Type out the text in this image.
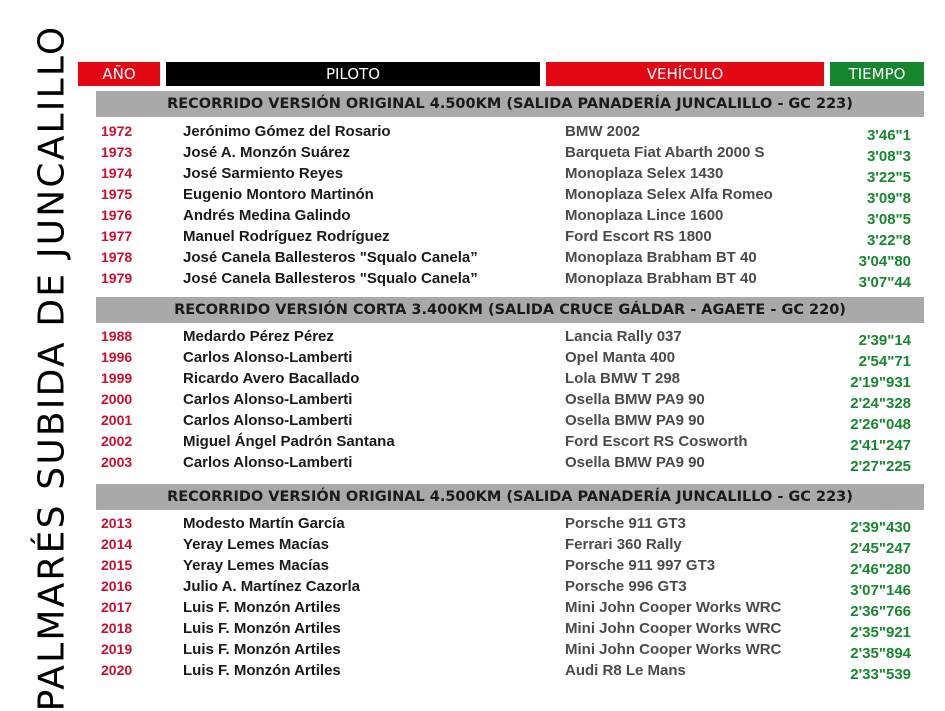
PALMARÉS SUBIDA DE JUNCALILLO	AÑO	PILOTO	VEHÍCULO	TIEMPO
RECORRIDO VERSIÓN ORIGINAL 4.500KM (SALIDA PANADERÍA JUNCALILLO - GC 223)
1972	Jerónimo Gómez del Rosario	BMW 2002	3'46"1
1973	José A. Monzón Suárez	Barqueta Fiat Abarth 2000 S	3'08"3
1974	José Sarmiento Reyes	Monoplaza Selex 1430	3'22"5
1975	Eugenio Montoro Martinón	Monoplaza Selex Alfa Romeo	3'09"8
1976	Andrés Medina Galindo	Monoplaza Lince 1600	3'08"5
1977	Manuel Rodríguez Rodríguez	Ford Escort RS 1800	3'22"8
1978	José Canela Ballesteros "Squalo Canela”	Monoplaza Brabham BT 40	3'04"80
1979	José Canela Ballesteros "Squalo Canela”	Monoplaza Brabham BT 40	3'07"44
RECORRIDO VERSIÓN CORTA 3.400KM (SALIDA CRUCE GÁLDAR - AGAETE - GC 220)
1988	Medardo Pérez Pérez	Lancia Rally 037	2'39"14
1996	Carlos Alonso-Lamberti	Opel Manta 400	2'54"71
1999	Ricardo Avero Bacallado	Lola BMW T 298	2'19"931
2000	Carlos Alonso-Lamberti	Osella BMW PA9 90	2'24"328
2001	Carlos Alonso-Lamberti	Osella BMW PA9 90	2'26"048
2002	Miguel Ángel Padrón Santana	Ford Escort RS Cosworth	2'41"247
2003	Carlos Alonso-Lamberti	Osella BMW PA9 90	2'27"225
RECORRIDO VERSIÓN ORIGINAL 4.500KM (SALIDA PANADERÍA JUNCALILLO - GC 223)
2013	Modesto Martín García	Porsche 911 GT3	2'39"430
2014	Yeray Lemes Macías	Ferrari 360 Rally	2'45"247
2015	Yeray Lemes Macías	Porsche 911 997 GT3	2'46"280
2016	Julio A. Martínez Cazorla	Porsche 996 GT3	3'07"146
2017	Luis F. Monzón Artiles	Mini John Cooper Works WRC	2'36"766
2018	Luis F. Monzón Artiles	Mini John Cooper Works WRC	2'35"921
2019	Luis F. Monzón Artiles	Mini John Cooper Works WRC	2'35"894
2020	Luis F. Monzón Artiles	Audi R8 Le Mans	2'33"539
